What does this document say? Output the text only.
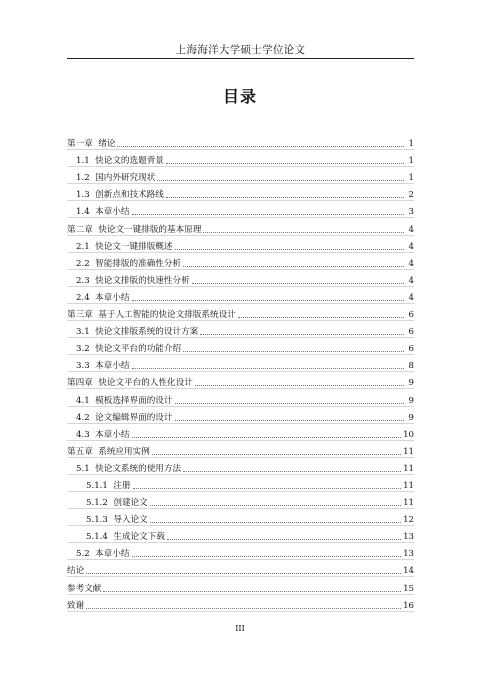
上海海洋大学硕士学位论文
目录
第一章 绪论	1
1.1 快论文的选题背景	1
1.2 国内外研究现状	1
1.3 创新点和技术路线	2
1.4 本章小结	3
第二章 快论文一键排版的基本原理	4
2.1 快论文一键排版概述	4
2.2 智能排版的准确性分析	4
2.3 快论文排版的快速性分析	4
2.4 本章小结	4
第三章 基于人工智能的快论文排版系统设计	6
3.1 快论文排版系统的设计方案	6
3.2 快论文平台的功能介绍	6
3.3 本章小结	8
第四章 快论文平台的人性化设计	9
4.1 模板选择界面的设计	9
4.2 论文编辑界面的设计	9
4.3 本章小结	10
第五章 系统应用实例	11
5.1 快论文系统的使用方法	11
5.1.1 注册	11
5.1.2 创建论文	11
5.1.3 导入论文	12
5.1.4 生成论文下载	13
5.2 本章小结	13
结论	14
参考文献	15
致谢	16
III
